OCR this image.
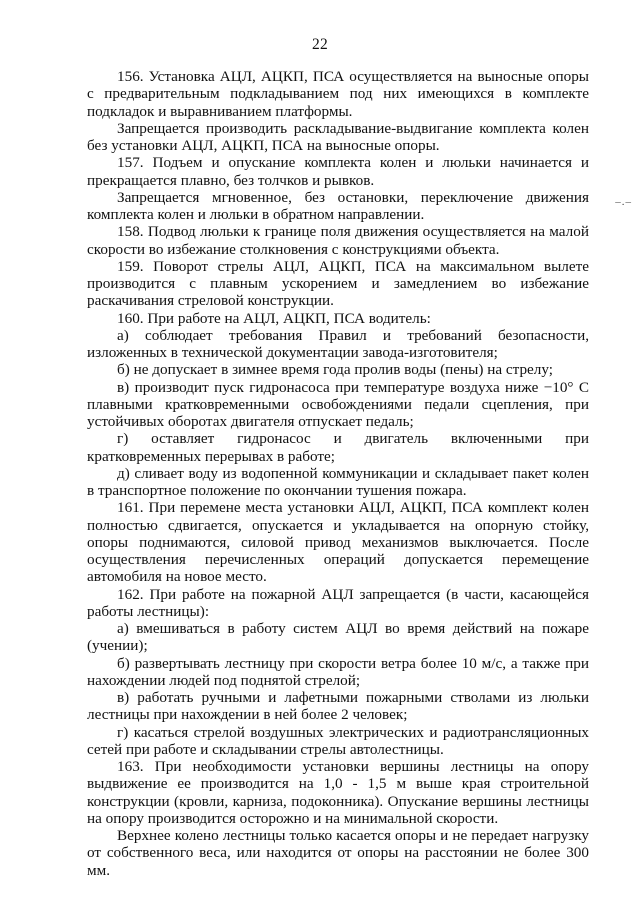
22
–.–

156. Установка АЦЛ, АЦКП, ПСА осуществляется на выносные опоры с предварительным подкладыванием под них имеющихся в комплекте подкладок и выравниванием платформы.

Запрещается производить раскладывание-выдвигание комплекта колен без установки АЦЛ, АЦКП, ПСА на выносные опоры.

157. Подъем и опускание комплекта колен и люльки начинается и прекращается плавно, без толчков и рывков.

Запрещается мгновенное, без остановки, переключение движения комплекта колен и люльки в обратном направлении.

158. Подвод люльки к границе поля движения осуществляется на малой скорости во избежание столкновения с конструкциями объекта.

159. Поворот стрелы АЦЛ, АЦКП, ПСА на максимальном вылете производится с плавным ускорением и замедлением во избежание раскачивания стреловой конструкции.

160. При работе на АЦЛ, АЦКП, ПСА водитель:

а) соблюдает требования Правил и требований безопасности, изложенных в технической документации завода-изготовителя;

б) не допускает в зимнее время года пролив воды (пены) на стрелу;

в) производит пуск гидронасоса при температуре воздуха ниже −10° С плавными кратковременными освобождениями педали сцепления, при устойчивых оборотах двигателя отпускает педаль;

г) оставляет гидронасос и двигатель включенными при кратковременных перерывах в работе;

д) сливает воду из водопенной коммуникации и складывает пакет колен в транспортное положение по окончании тушения пожара.

161. При перемене места установки АЦЛ, АЦКП, ПСА комплект колен полностью сдвигается, опускается и укладывается на опорную стойку, опоры поднимаются, силовой привод механизмов выключается. После осуществления перечисленных операций допускается перемещение автомобиля на новое место.

162. При работе на пожарной АЦЛ запрещается (в части, касающейся работы лестницы):

а) вмешиваться в работу систем АЦЛ во время действий на пожаре (учении);

б) развертывать лестницу при скорости ветра более 10 м/с, а также при нахождении людей под поднятой стрелой;

в) работать ручными и лафетными пожарными стволами из люльки лестницы при нахождении в ней более 2 человек;

г) касаться стрелой воздушных электрических и радиотрансляционных сетей при работе и складывании стрелы автолестницы.

163. При необходимости установки вершины лестницы на опору выдвижение ее производится на 1,0 - 1,5 м выше края строительной конструкции (кровли, карниза, подоконника). Опускание вершины лестницы на опору производится осторожно и на минимальной скорости.

Верхнее колено лестницы только касается опоры и не передает нагрузку от собственного веса, или находится от опоры на расстоянии не более 300 мм.
